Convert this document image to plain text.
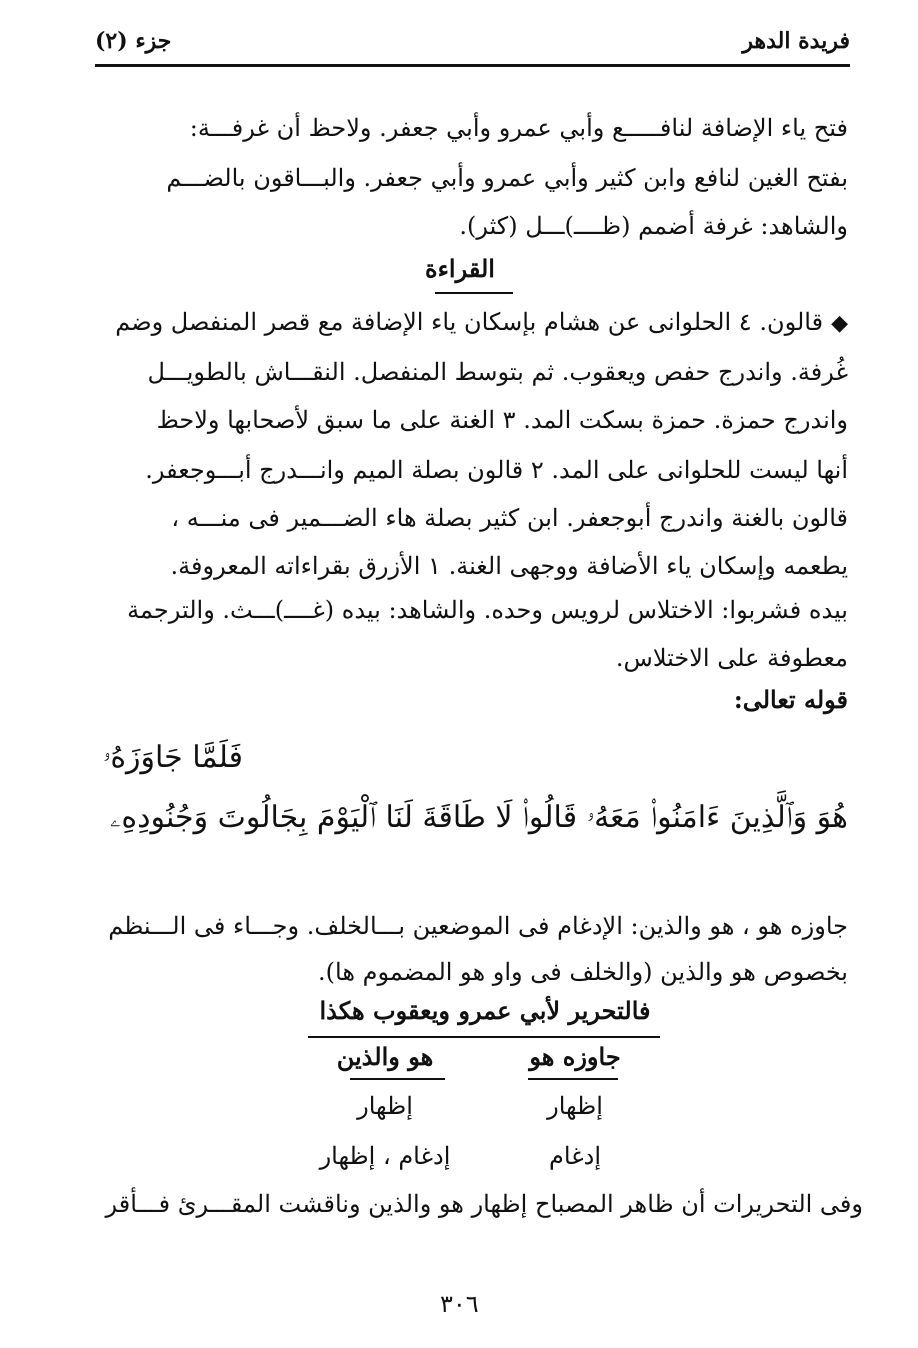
فريدة الدهر
جزء (٢)
فتح ياء الإضافة لنافـــــع وأبي عمرو وأبي جعفر. ولاحظ أن غرفـــة:
بفتح الغين لنافع وابن كثير وأبي عمرو وأبي جعفر. والبـــاقون بالضـــم
والشاهد: غرفة أضمم (ظــــ)ـــل (كثر).
القراءة
◆قالون. ٤ الحلوانى عن هشام بإسكان ياء الإضافة مع قصر المنفصل وضم
غُرفة. واندرج حفص ويعقوب. ثم بتوسط المنفصل. النقـــاش بالطويـــل
واندرج حمزة. حمزة بسكت المد. ٣ الغنة على ما سبق لأصحابها ولاحظ
أنها ليست للحلوانى على المد. ٢ قالون بصلة الميم وانـــدرج أبـــوجعفر.
قالون بالغنة واندرج أبوجعفر. ابن كثير بصلة هاء الضـــمير فى منـــه ،
يطعمه وإسكان ياء الأضافة ووجهى الغنة. ١ الأزرق بقراءاته المعروفة.
بيده فشربوا: الاختلاس لرويس وحده. والشاهد: بيده (غــــ)ـــث. والترجمة
معطوفة على الاختلاس.
قوله تعالى:
فَلَمَّا جَاوَزَهُۥ
هُوَ وَٱلَّذِينَ ءَامَنُوا۟ مَعَهُۥ قَالُوا۟ لَا طَاقَةَ لَنَا ٱلْيَوْمَ بِجَالُوتَ وَجُنُودِهِۦ
جاوزه هو ، هو والذين: الإدغام فى الموضعين بـــالخلف. وجـــاء فى الـــنظم
بخصوص هو والذين (والخلف فى واو هو المضموم ها).
فالتحرير لأبي عمرو ويعقوب هكذا
جاوزه هو
هو والذين
إظهار
إظهار
إدغام
إدغام ، إظهار
وفى التحريرات أن ظاهر المصباح إظهار هو والذين وناقشت المقـــرئ فـــأقر
٣٠٦
